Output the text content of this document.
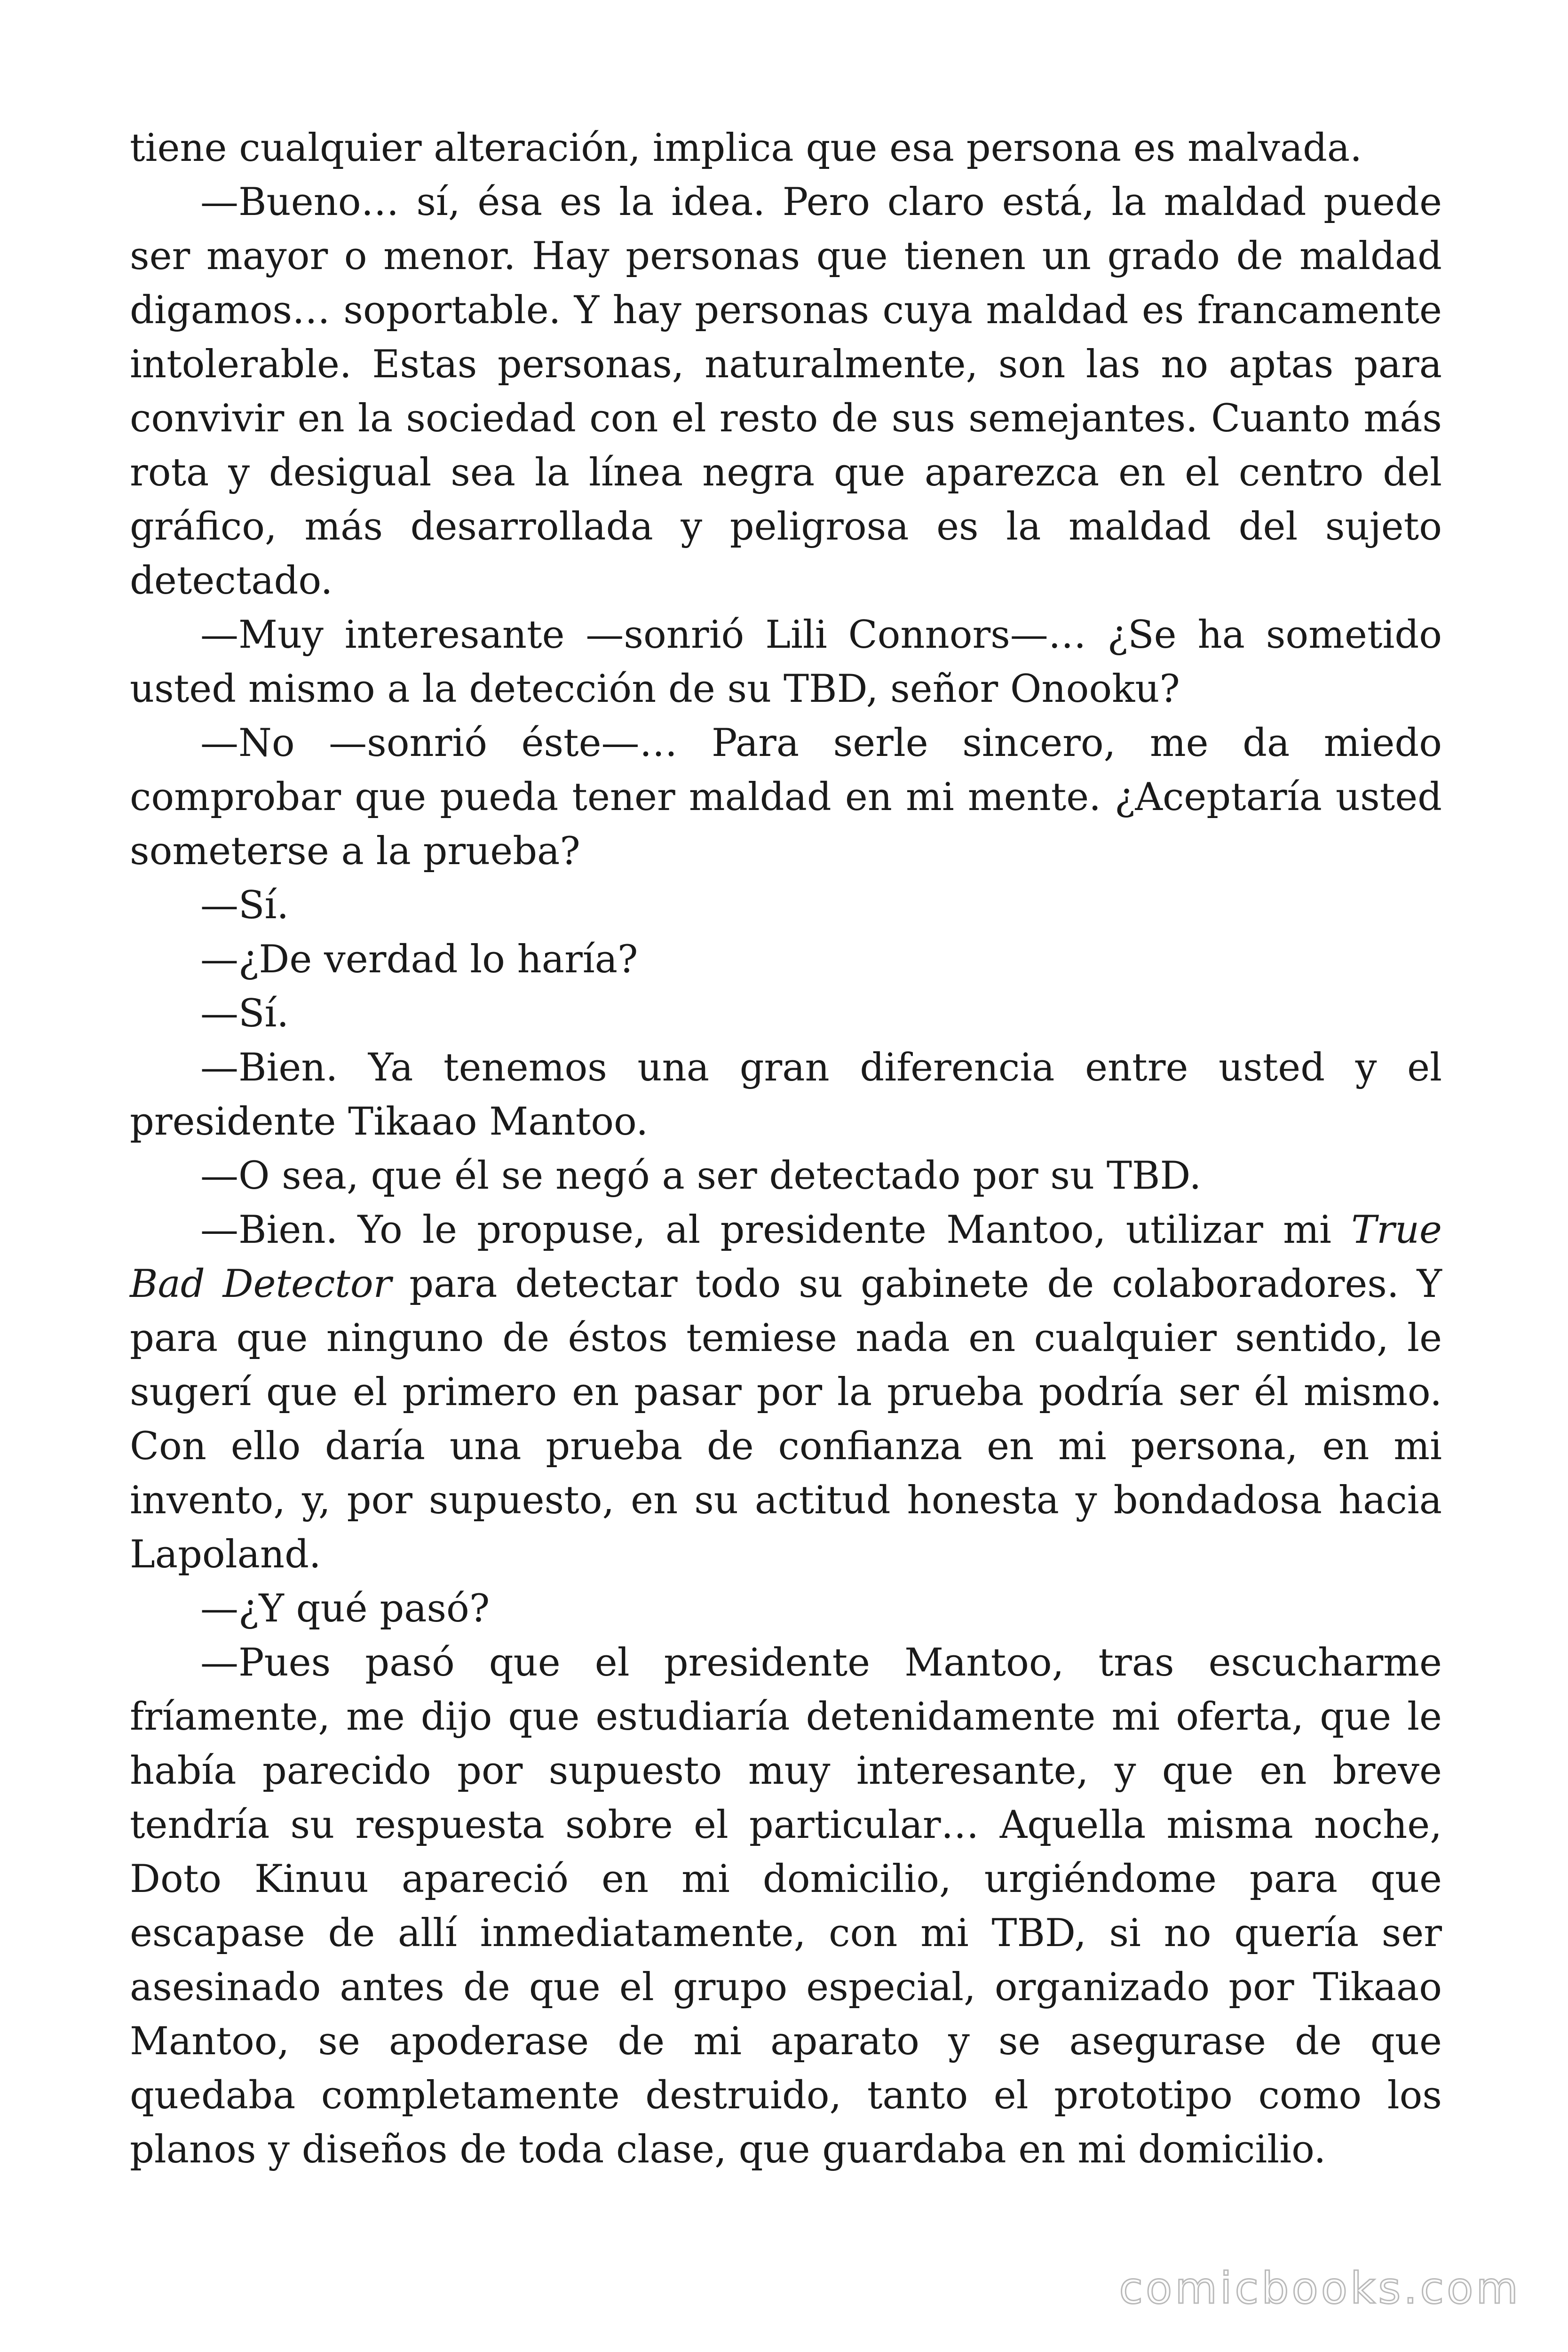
tiene cualquier alteración, implica que esa persona es malvada.

—Bueno… sí, ésa es la idea. Pero claro está, la maldad puede ser mayor o menor. Hay personas que tienen un grado de maldad digamos… soportable. Y hay personas cuya maldad es francamente intolerable. Estas personas, naturalmente, son las no aptas para convivir en la sociedad con el resto de sus semejantes. Cuanto más rota y desigual sea la línea negra que aparezca en el centro del gráfico, más desarrollada y peligrosa es la maldad del sujeto detectado.

—Muy interesante —sonrió Lili Connors—… ¿Se ha sometido usted mismo a la detección de su TBD, señor Onooku?

—No —sonrió éste—… Para serle sincero, me da miedo comprobar que pueda tener maldad en mi mente. ¿Aceptaría usted someterse a la prueba?

—Sí.

—¿De verdad lo haría?

—Sí.

—Bien. Ya tenemos una gran diferencia entre usted y el presidente Tikaao Mantoo.

—O sea, que él se negó a ser detectado por su TBD.

—Bien. Yo le propuse, al presidente Mantoo, utilizar mi True Bad Detector para detectar todo su gabinete de colaboradores. Y para que ninguno de éstos temiese nada en cualquier sentido, le sugerí que el primero en pasar por la prueba podría ser él mismo. Con ello daría una prueba de confianza en mi persona, en mi invento, y, por supuesto, en su actitud honesta y bondadosa hacia Lapoland.

—¿Y qué pasó?

—Pues pasó que el presidente Mantoo, tras escucharme fríamente, me dijo que estudiaría detenidamente mi oferta, que le había parecido por supuesto muy interesante, y que en breve tendría su respuesta sobre el particular… Aquella misma noche, Doto Kinuu apareció en mi domicilio, urgiéndome para que escapase de allí inmediatamente, con mi TBD, si no quería ser asesinado antes de que el grupo especial, organizado por Tikaao Mantoo, se apoderase de mi aparato y se asegurase de que quedaba completamente destruido, tanto el prototipo como los planos y diseños de toda clase, que guardaba en mi domicilio.

comicbooks.com
